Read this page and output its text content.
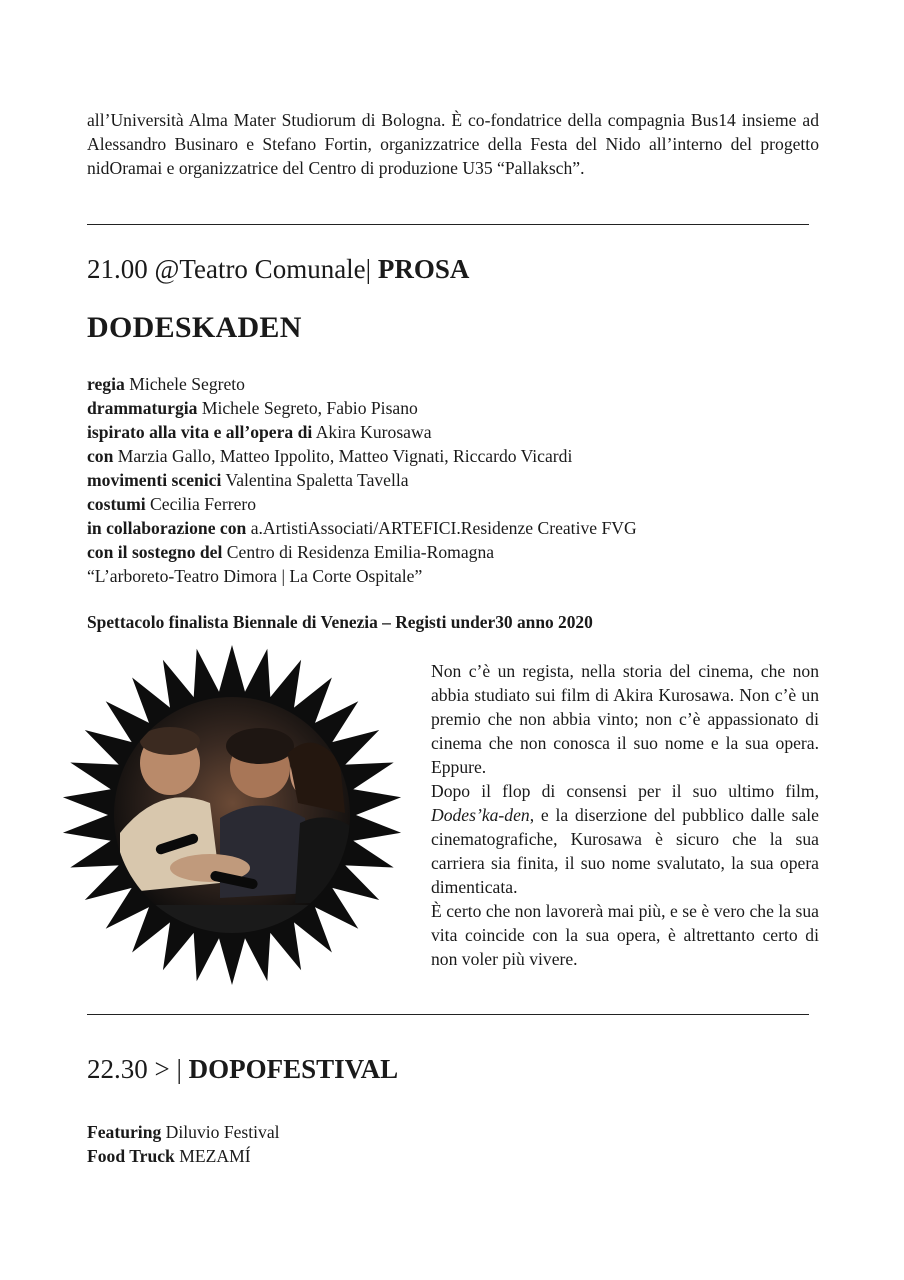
all’Università Alma Mater Studiorum di Bologna. È co-fondatrice della compagnia Bus14 insieme ad Alessandro Businaro e Stefano Fortin, organizzatrice della Festa del Nido all’interno del progetto nidOramai e organizzatrice del Centro di produzione U35 “Pallaksch”.

21.00 @Teatro Comunale| PROSA
DODESKADEN
regia Michele Segreto
drammaturgia Michele Segreto, Fabio Pisano
ispirato alla vita e all’opera di Akira Kurosawa
con Marzia Gallo, Matteo Ippolito, Matteo Vignati, Riccardo Vicardi
movimenti scenici Valentina Spaletta Tavella
costumi Cecilia Ferrero
in collaborazione con a.ArtistiAssociati/ARTEFICI.Residenze Creative FVG
con il sostegno del Centro di Residenza Emilia-Romagna
“L’arboreto-Teatro Dimora | La Corte Ospitale”
Spettacolo finalista Biennale di Venezia – Registi under30 anno 2020

Non c’è un regista, nella storia del cinema, che non abbia studiato sui film di Akira Kurosawa. Non c’è un premio che non abbia vinto; non c’è appassionato di cinema che non conosca il suo nome e la sua opera. Eppure.

Dopo il flop di consensi per il suo ultimo film, Dodes’ka-den, e la diserzione del pubblico dalle sale cinematografiche, Kurosawa è sicuro che la sua carriera sia finita, il suo nome svalutato, la sua opera dimenticata.

È certo che non lavorerà mai più, e se è vero che la sua vita coincide con la sua opera, è altrettanto certo di non voler più vivere.

22.30 > | DOPOFESTIVAL
Featuring Diluvio Festival
Food Truck MEZAMÍ
